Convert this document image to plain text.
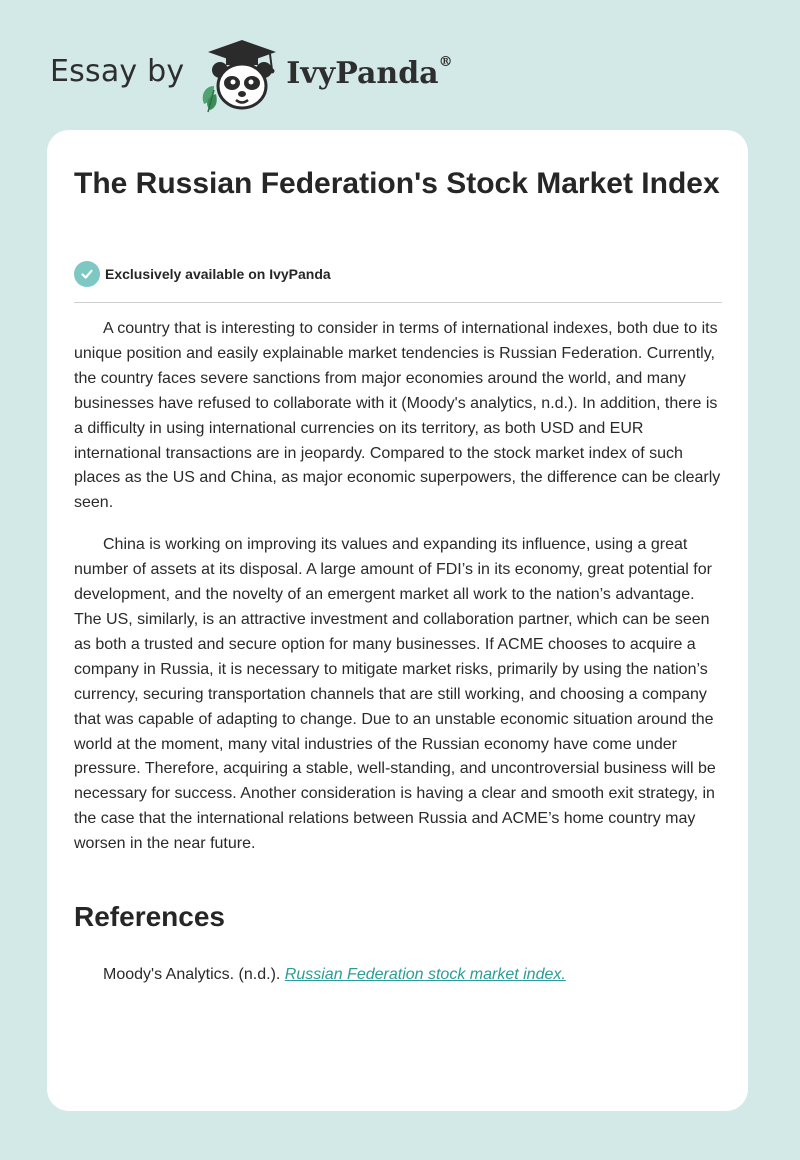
Essay by	IvyPanda®
The Russian Federation's Stock Market Index
Exclusively available on IvyPanda

A country that is interesting to consider in terms of international indexes, both due to its unique position and easily explainable market tendencies is Russian Federation. Currently, the country faces severe sanctions from major economies around the world, and many businesses have refused to collaborate with it (Moody's analytics, n.d.). In addition, there is a difficulty in using international currencies on its territory, as both USD and EUR international transactions are in jeopardy. Compared to the stock market index of such places as the US and China, as major economic superpowers, the difference can be clearly seen.

China is working on improving its values and expanding its influence, using a great number of assets at its disposal. A large amount of FDI’s in its economy, great potential for development, and the novelty of an emergent market all work to the nation’s advantage. The US, similarly, is an attractive investment and collaboration partner, which can be seen as both a trusted and secure option for many businesses. If ACME chooses to acquire a company in Russia, it is necessary to mitigate market risks, primarily by using the nation’s currency, securing transportation channels that are still working, and choosing a company that was capable of adapting to change. Due to an unstable economic situation around the world at the moment, many vital industries of the Russian economy have come under pressure. Therefore, acquiring a stable, well-standing, and uncontroversial business will be necessary for success. Another consideration is having a clear and smooth exit strategy, in the case that the international relations between Russia and ACME’s home country may worsen in the near future.

References
Moody's Analytics. (n.d.). Russian Federation stock market index.
